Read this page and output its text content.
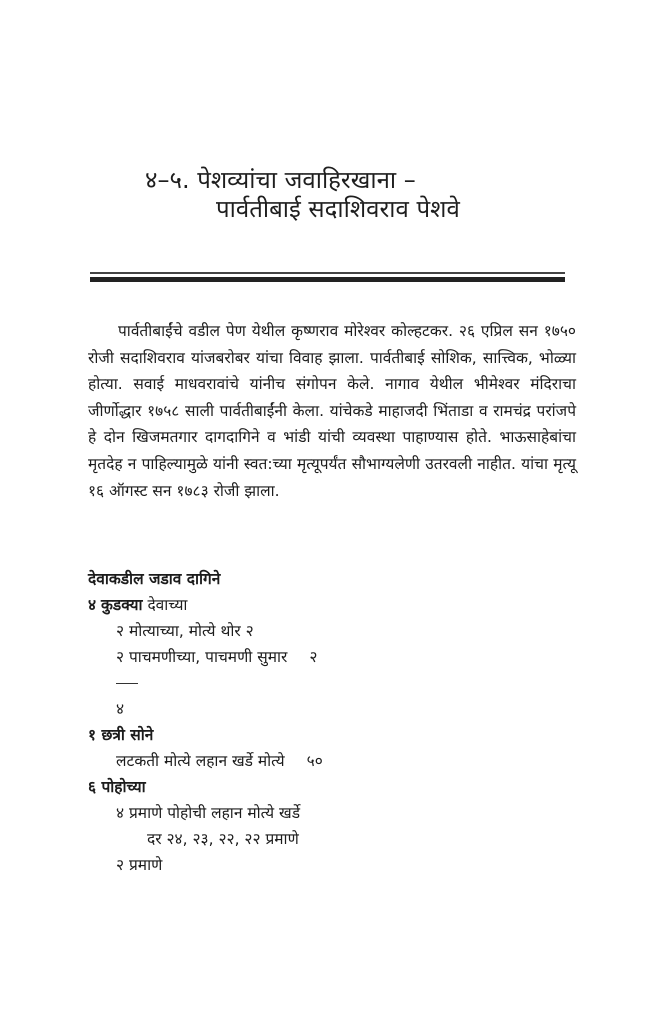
४–५. पेशव्यांचा जवाहिरखाना –
पार्वतीबाई सदाशिवराव पेशवे

पार्वतीबाईंचे वडील पेण येथील कृष्णराव मोरेश्वर कोल्हटकर. २६ एप्रिल सन १७५० रोजी सदाशिवराव यांजबरोबर यांचा विवाह झाला. पार्वतीबाई सोशिक, सात्त्विक, भोळ्या होत्या. सवाई माधवरावांचे यांनीच संगोपन केले. नागाव येथील भीमेश्वर मंदिराचा जीर्णोद्धार १७५८ साली पार्वतीबाईंनी केला. यांचेकडे माहाजदी भिंताडा व रामचंद्र परांजपे हे दोन खिजमतगार दागदागिने व भांडी यांची व्यवस्था पाहाण्यास होते. भाऊसाहेबांचा मृतदेह न पाहिल्यामुळे यांनी स्वत:च्या मृत्यूपर्यंत सौभाग्यलेणी उतरवली नाहीत. यांचा मृत्यू १६ ऑगस्ट सन १७८३ रोजी झाला.

देवाकडील जडाव दागिने
४ कुडक्या देवाच्या
२ मोत्याच्या, मोत्ये थोर २
२ पाचमणीच्या, पाचमणी सुमार २
४
१ छत्री सोने
लटकती मोत्ये लहान खर्डे मोत्ये ५०
६ पोहोच्या
४ प्रमाणे पोहोची लहान मोत्ये खर्डे
दर २४, २३, २२, २२ प्रमाणे
२ प्रमाणे
